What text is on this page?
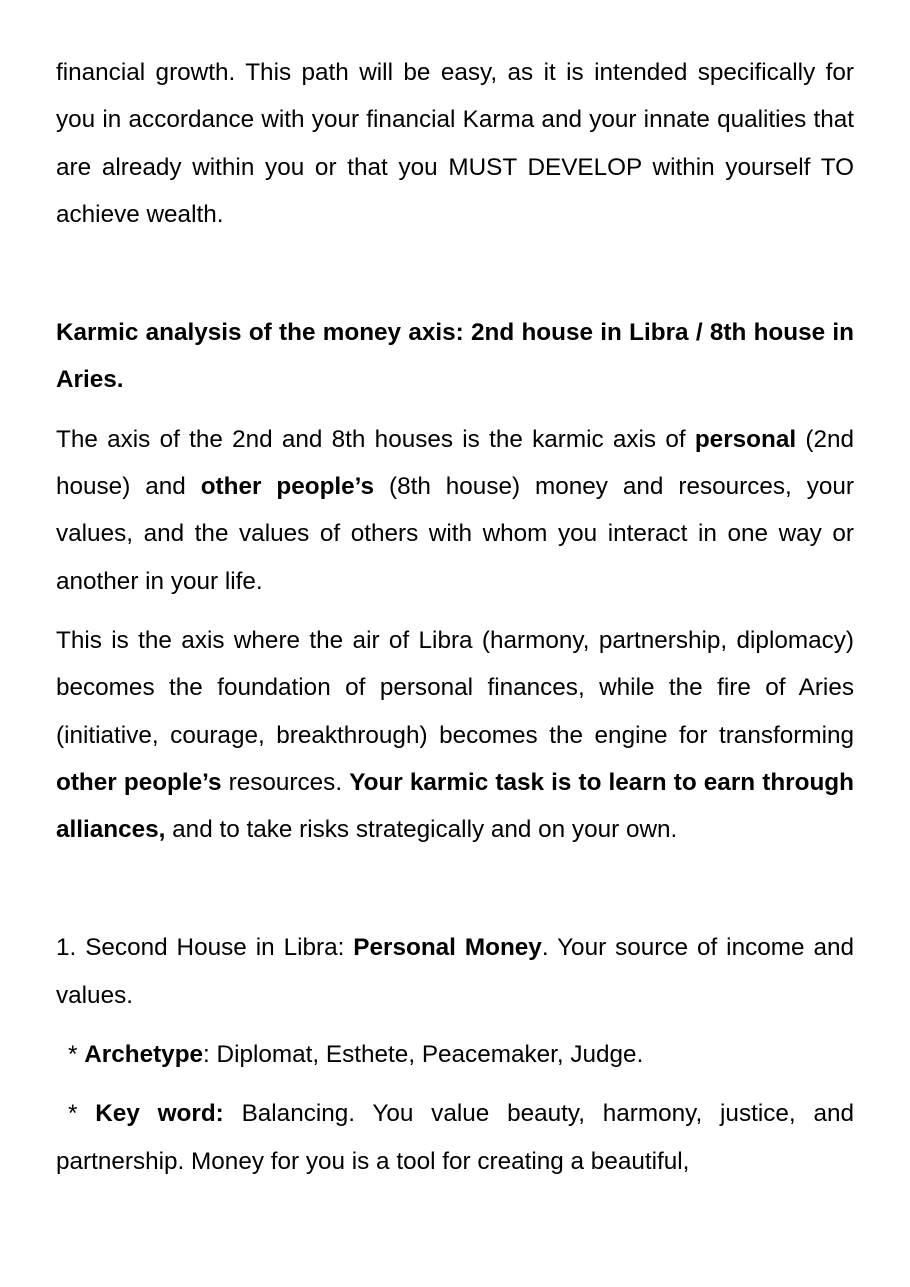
financial growth. This path will be easy, as it is intended specifically for you in accordance with your financial Karma and your innate qualities that are already within you or that you MUST DEVELOP within yourself TO achieve wealth.

Karmic analysis of the money axis: 2nd house in Libra / 8th house in Aries.

The axis of the 2nd and 8th houses is the karmic axis of personal (2nd house) and other people’s (8th house) money and resources, your values, and the values of others with whom you interact in one way or another in your life.

This is the axis where the air of Libra (harmony, partnership, diplomacy) becomes the foundation of personal finances, while the fire of Aries (initiative, courage, breakthrough) becomes the engine for transforming other people’s resources. Your karmic task is to learn to earn through alliances, and to take risks strategically and on your own.

1. Second House in Libra: Personal Money. Your source of income and values.

* Archetype: Diplomat, Esthete, Peacemaker, Judge.

* Key word: Balancing. You value beauty, harmony, justice, and partnership. Money for you is a tool for creating a beautiful,
